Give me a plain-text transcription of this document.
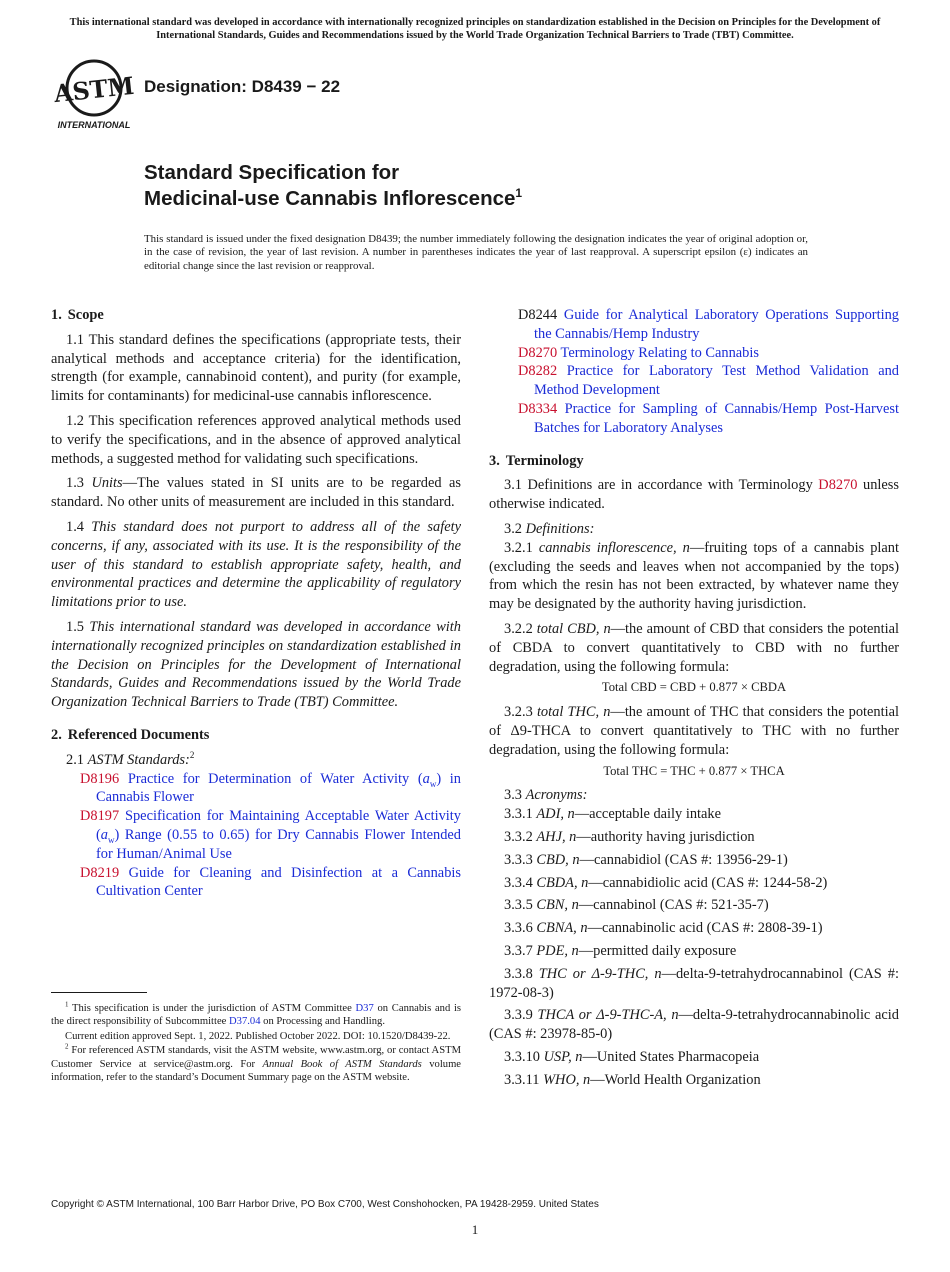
This international standard was developed in accordance with internationally recognized principles on standardization established in the Decision on Principles for the Development of International Standards, Guides and Recommendations issued by the World Trade Organization Technical Barriers to Trade (TBT) Committee.
ASTM
INTERNATIONAL
Designation: D8439 − 22
Standard Specification for
Medicinal-use Cannabis Inflorescence$^1$
This standard is issued under the fixed designation D8439; the number immediately following the designation indicates the year of original adoption or, in the case of revision, the year of last revision. A number in parentheses indicates the year of last reapproval. A superscript epsilon (ε) indicates an editorial change since the last revision or reapproval.
1. Scope

1.1 This standard defines the specifications (appropriate tests, their analytical methods and acceptance criteria) for the identification, strength (for example, cannabinoid content), and purity (for example, limits for contaminants) for medicinal-use cannabis inflorescence.

1.2 This specification references approved analytical methods used to verify the specifications, and in the absence of approved analytical methods, a suggested method for validating such specifications.

1.3 Units—The values stated in SI units are to be regarded as standard. No other units of measurement are included in this standard.

1.4 This standard does not purport to address all of the safety concerns, if any, associated with its use. It is the responsibility of the user of this standard to establish appropriate safety, health, and environmental practices and determine the applicability of regulatory limitations prior to use.

1.5 This international standard was developed in accordance with internationally recognized principles on standardization established in the Decision on Principles for the Development of International Standards, Guides and Recommendations issued by the World Trade Organization Technical Barriers to Trade (TBT) Committee.

2. Referenced Documents

2.1 ASTM Standards:$^2$

D8196 Practice for Determination of Water Activity $(a_w)$ in Cannabis Flower

D8197 Specification for Maintaining Acceptable Water Activity $(a_w)$ Range (0.55 to 0.65) for Dry Cannabis Flower Intended for Human/Animal Use

D8219 Guide for Cleaning and Disinfection at a Cannabis Cultivation Center

D8244 Guide for Analytical Laboratory Operations Supporting the Cannabis/Hemp Industry

D8270 Terminology Relating to Cannabis

D8282 Practice for Laboratory Test Method Validation and Method Development

D8334 Practice for Sampling of Cannabis/Hemp Post-Harvest Batches for Laboratory Analyses

3. Terminology

3.1 Definitions are in accordance with Terminology D8270 unless otherwise indicated.

3.2 Definitions:

3.2.1 cannabis inflorescence, n—fruiting tops of a cannabis plant (excluding the seeds and leaves when not accompanied by the tops) from which the resin has not been extracted, by whatever name they may be designated by the authority having jurisdiction.

3.2.2 total CBD, n—the amount of CBD that considers the potential of CBDA to convert quantitatively to CBD with no further degradation, using the following formula:

Total CBD = CBD + 0.877 × CBDA

3.2.3 total THC, n—the amount of THC that considers the potential of Δ9-THCA to convert quantitatively to THC with no further degradation, using the following formula:

Total THC = THC + 0.877 × THCA

3.3 Acronyms:

3.3.1 ADI, n—acceptable daily intake

3.3.2 AHJ, n—authority having jurisdiction

3.3.3 CBD, n—cannabidiol (CAS #: 13956-29-1)

3.3.4 CBDA, n—cannabidiolic acid (CAS #: 1244-58-2)

3.3.5 CBN, n—cannabinol (CAS #: 521-35-7)

3.3.6 CBNA, n—cannabinolic acid (CAS #: 2808-39-1)

3.3.7 PDE, n—permitted daily exposure

3.3.8 THC or Δ-9-THC, n—delta-9-tetrahydrocannabinol (CAS #: 1972-08-3)

3.3.9 THCA or Δ-9-THC-A, n—delta-9-tetrahydrocannabinolic acid (CAS #: 23978-85-0)

3.3.10 USP, n—United States Pharmacopeia

3.3.11 WHO, n—World Health Organization

$^1$ This specification is under the jurisdiction of ASTM Committee D37 on Cannabis and is the direct responsibility of Subcommittee D37.04 on Processing and Handling.

Current edition approved Sept. 1, 2022. Published October 2022. DOI: 10.1520/D8439-22.

$^2$ For referenced ASTM standards, visit the ASTM website, www.astm.org, or contact ASTM Customer Service at service@astm.org. For Annual Book of ASTM Standards volume information, refer to the standard’s Document Summary page on the ASTM website.

Copyright © ASTM International, 100 Barr Harbor Drive, PO Box C700, West Conshohocken, PA 19428-2959. United States
1
